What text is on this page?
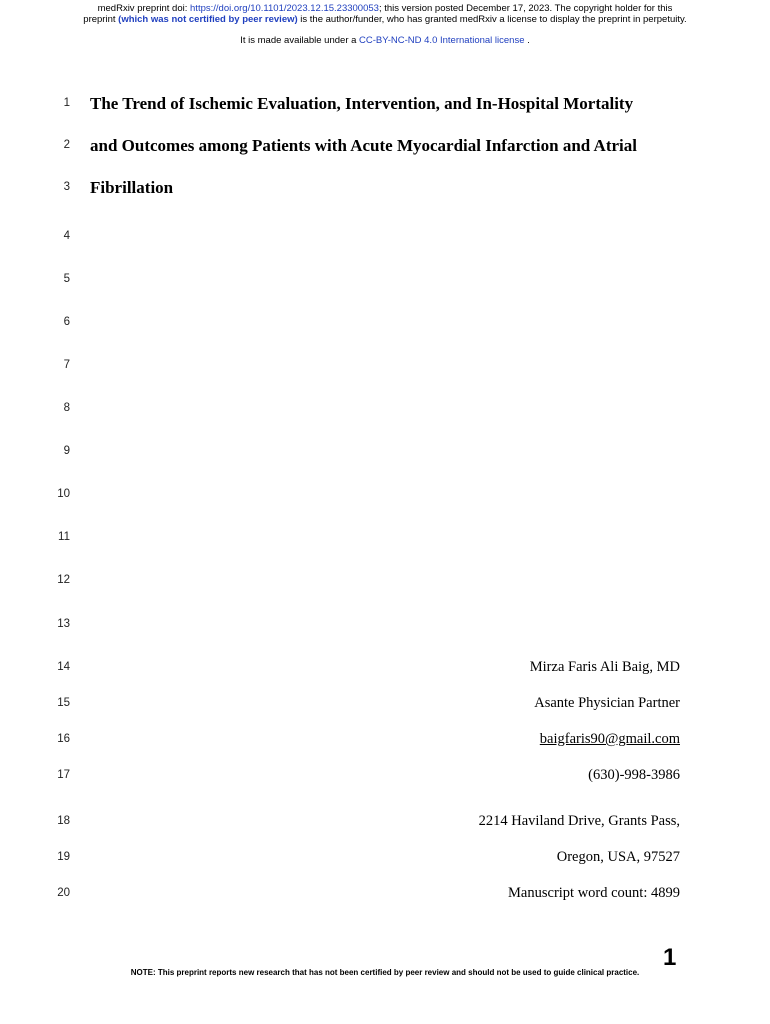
medRxiv preprint doi: https://doi.org/10.1101/2023.12.15.23300053; this version posted December 17, 2023. The copyright holder for this
preprint (which was not certified by peer review) is the author/funder, who has granted medRxiv a license to display the preprint in perpetuity.
It is made available under a CC-BY-NC-ND 4.0 International license .
1
2
3
4
5
6
7
8
9
10
11
12
13
14
15
16
17
18
19
20
The Trend of Ischemic Evaluation, Intervention, and In-Hospital Mortality
and Outcomes among Patients with Acute Myocardial Infarction and Atrial
Fibrillation
Mirza Faris Ali Baig, MD
Asante Physician Partner
baigfaris90@gmail.com
(630)-998-3986
2214 Haviland Drive, Grants Pass,
Oregon, USA, 97527
Manuscript word count: 4899
1
NOTE: This preprint reports new research that has not been certified by peer review and should not be used to guide clinical practice.
